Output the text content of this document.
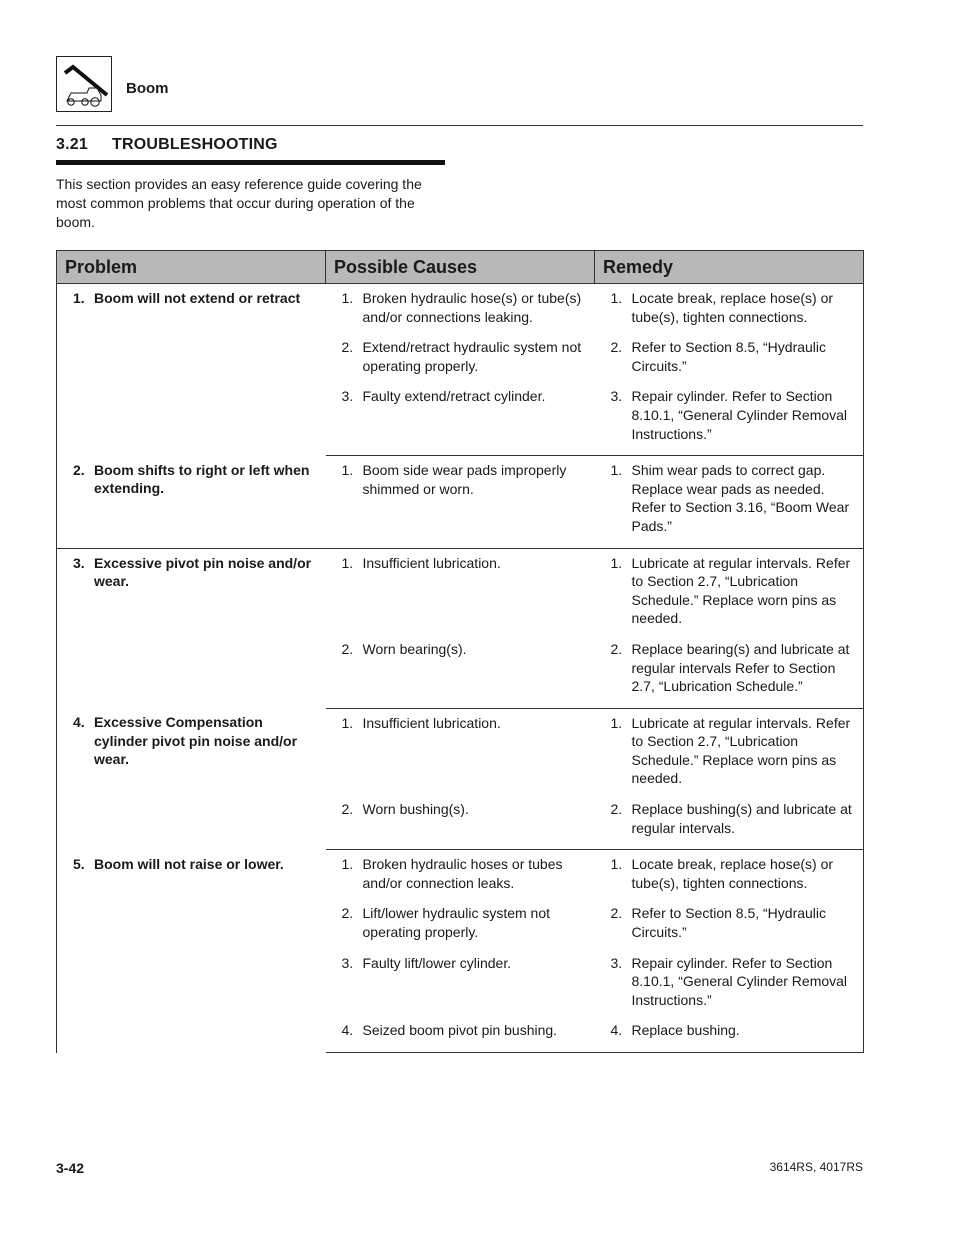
Boom
3.21 TROUBLESHOOTING
This section provides an easy reference guide covering the most common problems that occur during operation of the boom.
Problem	Possible Causes	Remedy

1. Boom will not extend or retract	1. Broken hydraulic hose(s) or tube(s) and/or connections leaking.	1. Locate break, replace hose(s) or tube(s), tighten connections.

	2. Extend/retract hydraulic system not operating properly.	2. Refer to Section 8.5, “Hydraulic Circuits.”

	3. Faulty extend/retract cylinder.	3. Repair cylinder. Refer to Section 8.10.1, “General Cylinder Removal Instructions.”

2. Boom shifts to right or left when extending.	1. Boom side wear pads improperly shimmed or worn.	1. Shim wear pads to correct gap. Replace wear pads as needed. Refer to Section 3.16, “Boom Wear Pads.”

3. Excessive pivot pin noise and/or wear.	1. Insufficient lubrication.	1. Lubricate at regular intervals. Refer to Section 2.7, “Lubrication Schedule.” Replace worn pins as needed.

	2. Worn bearing(s).	2. Replace bearing(s) and lubricate at regular intervals Refer to Section 2.7, “Lubrication Schedule.”

4. Excessive Compensation cylinder pivot pin noise and/or wear.	1. Insufficient lubrication.	1. Lubricate at regular intervals. Refer to Section 2.7, “Lubrication Schedule.” Replace worn pins as needed.

	2. Worn bushing(s).	2. Replace bushing(s) and lubricate at regular intervals.

5. Boom will not raise or lower.	1. Broken hydraulic hoses or tubes and/or connection leaks.	1. Locate break, replace hose(s) or tube(s), tighten connections.

	2. Lift/lower hydraulic system not operating properly.	2. Refer to Section 8.5, “Hydraulic Circuits.”

	3. Faulty lift/lower cylinder.	3. Repair cylinder. Refer to Section 8.10.1, “General Cylinder Removal Instructions.”

	4. Seized boom pivot pin bushing.	4. Replace bushing.
3-42	3614RS, 4017RS
